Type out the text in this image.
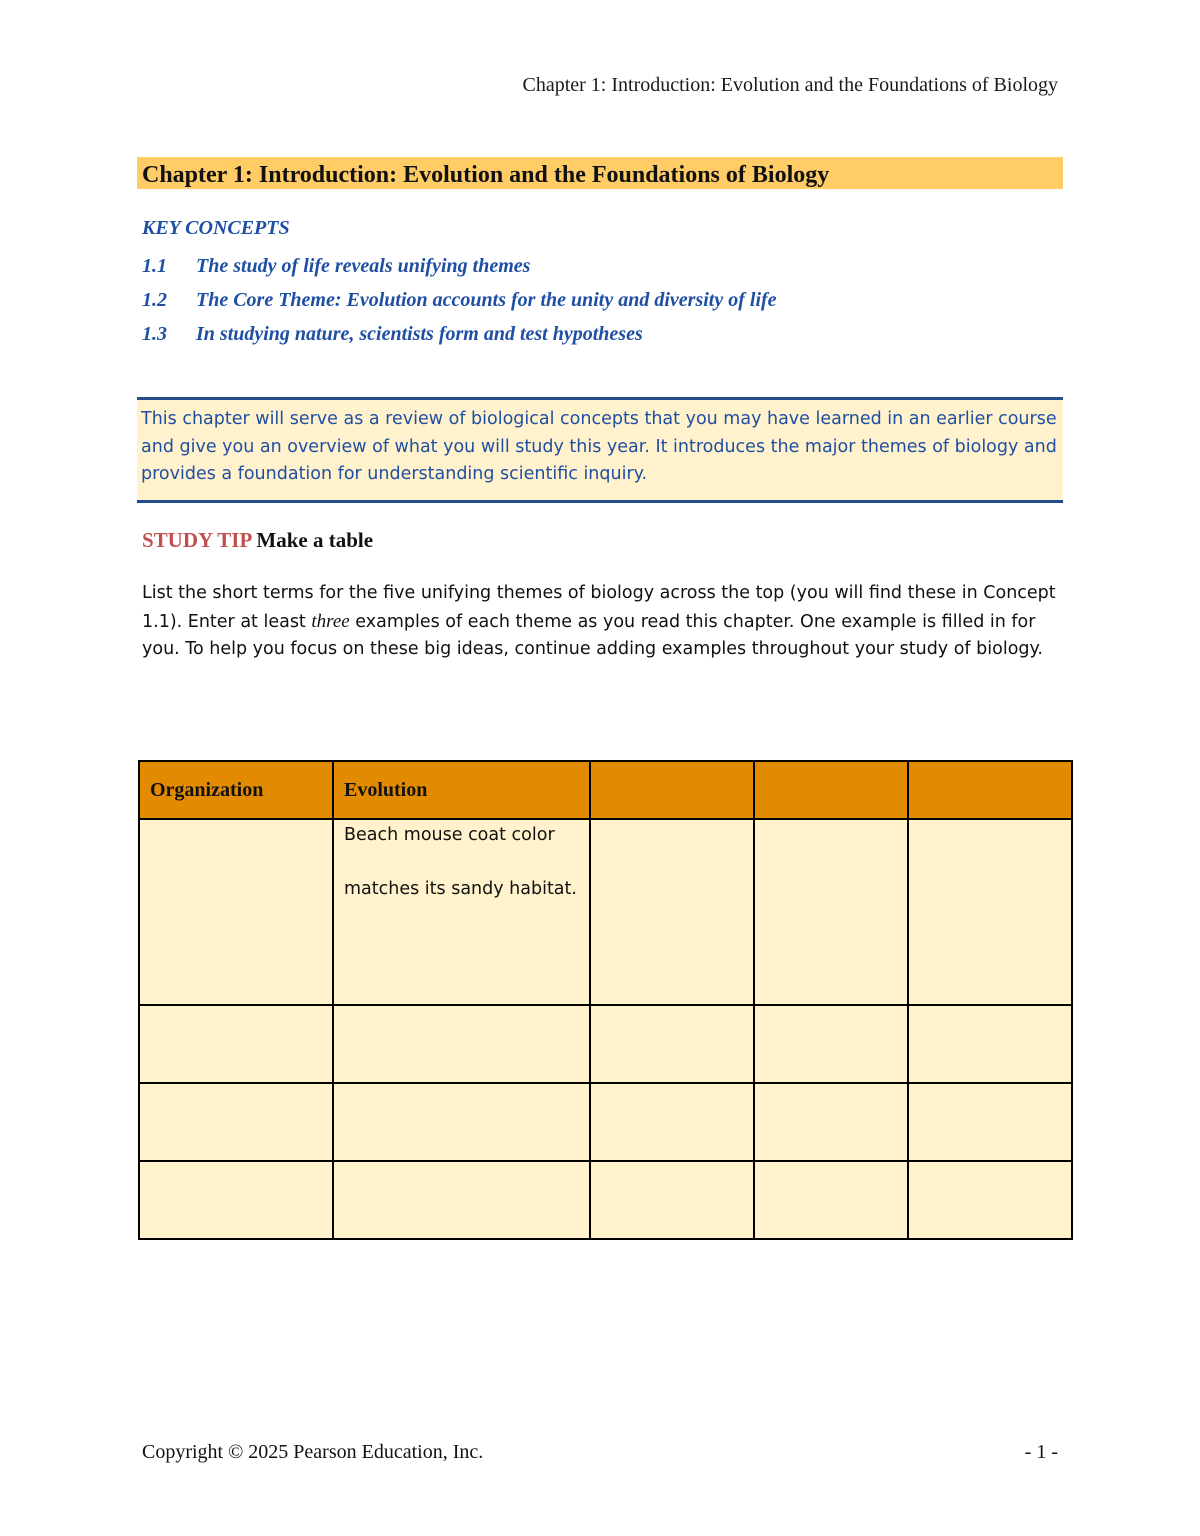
Chapter 1: Introduction: Evolution and the Foundations of Biology
Chapter 1: Introduction: Evolution and the Foundations of Biology
KEY CONCEPTS
1.1 The study of life reveals unifying themes
1.2 The Core Theme: Evolution accounts for the unity and diversity of life
1.3 In studying nature, scientists form and test hypotheses
This chapter will serve as a review of biological concepts that you may have learned in an earlier course and give you an overview of what you will study this year. It introduces the major themes of biology and provides a foundation for understanding scientific inquiry.
STUDY TIP Make a table
List the short terms for the five unifying themes of biology across the top (you will find these in Concept 1.1). Enter at least three examples of each theme as you read this chapter. One example is filled in for you. To help you focus on these big ideas, continue adding examples throughout your study of biology.
Organization	Evolution			

	Beach mouse coat color matches its sandy habitat.			

Copyright © 2025 Pearson Education, Inc.	- 1 -
